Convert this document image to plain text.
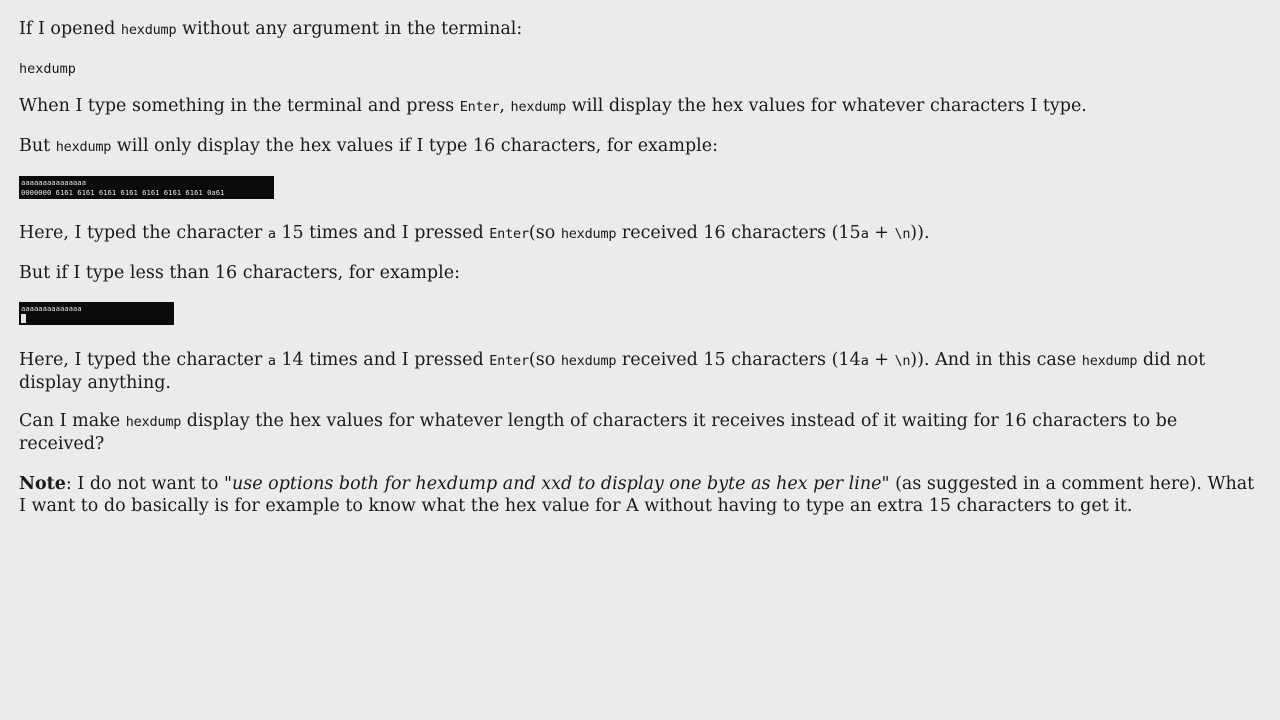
If I opened hexdump without any argument in the terminal:

hexdump

When I type something in the terminal and press Enter, hexdump will display the hex values for whatever characters I type.

But hexdump will only display the hex values if I type 16 characters, for example:

aaaaaaaaaaaaaaa
0000000 6161 6161 6161 6161 6161 6161 6161 0a61

Here, I typed the character a 15 times and I pressed Enter(so hexdump received 16 characters (15a + \n)).

But if I type less than 16 characters, for example:

aaaaaaaaaaaaaa

Here, I typed the character a 14 times and I pressed Enter(so hexdump received 15 characters (14a + \n)). And in this case hexdump did not display anything.

Can I make hexdump display the hex values for whatever length of characters it receives instead of it waiting for 16 characters to be received?

Note: I do not want to "use options both for hexdump and xxd to display one byte as hex per line" (as suggested in a comment here). What I want to do basically is for example to know what the hex value for A without having to type an extra 15 characters to get it.
